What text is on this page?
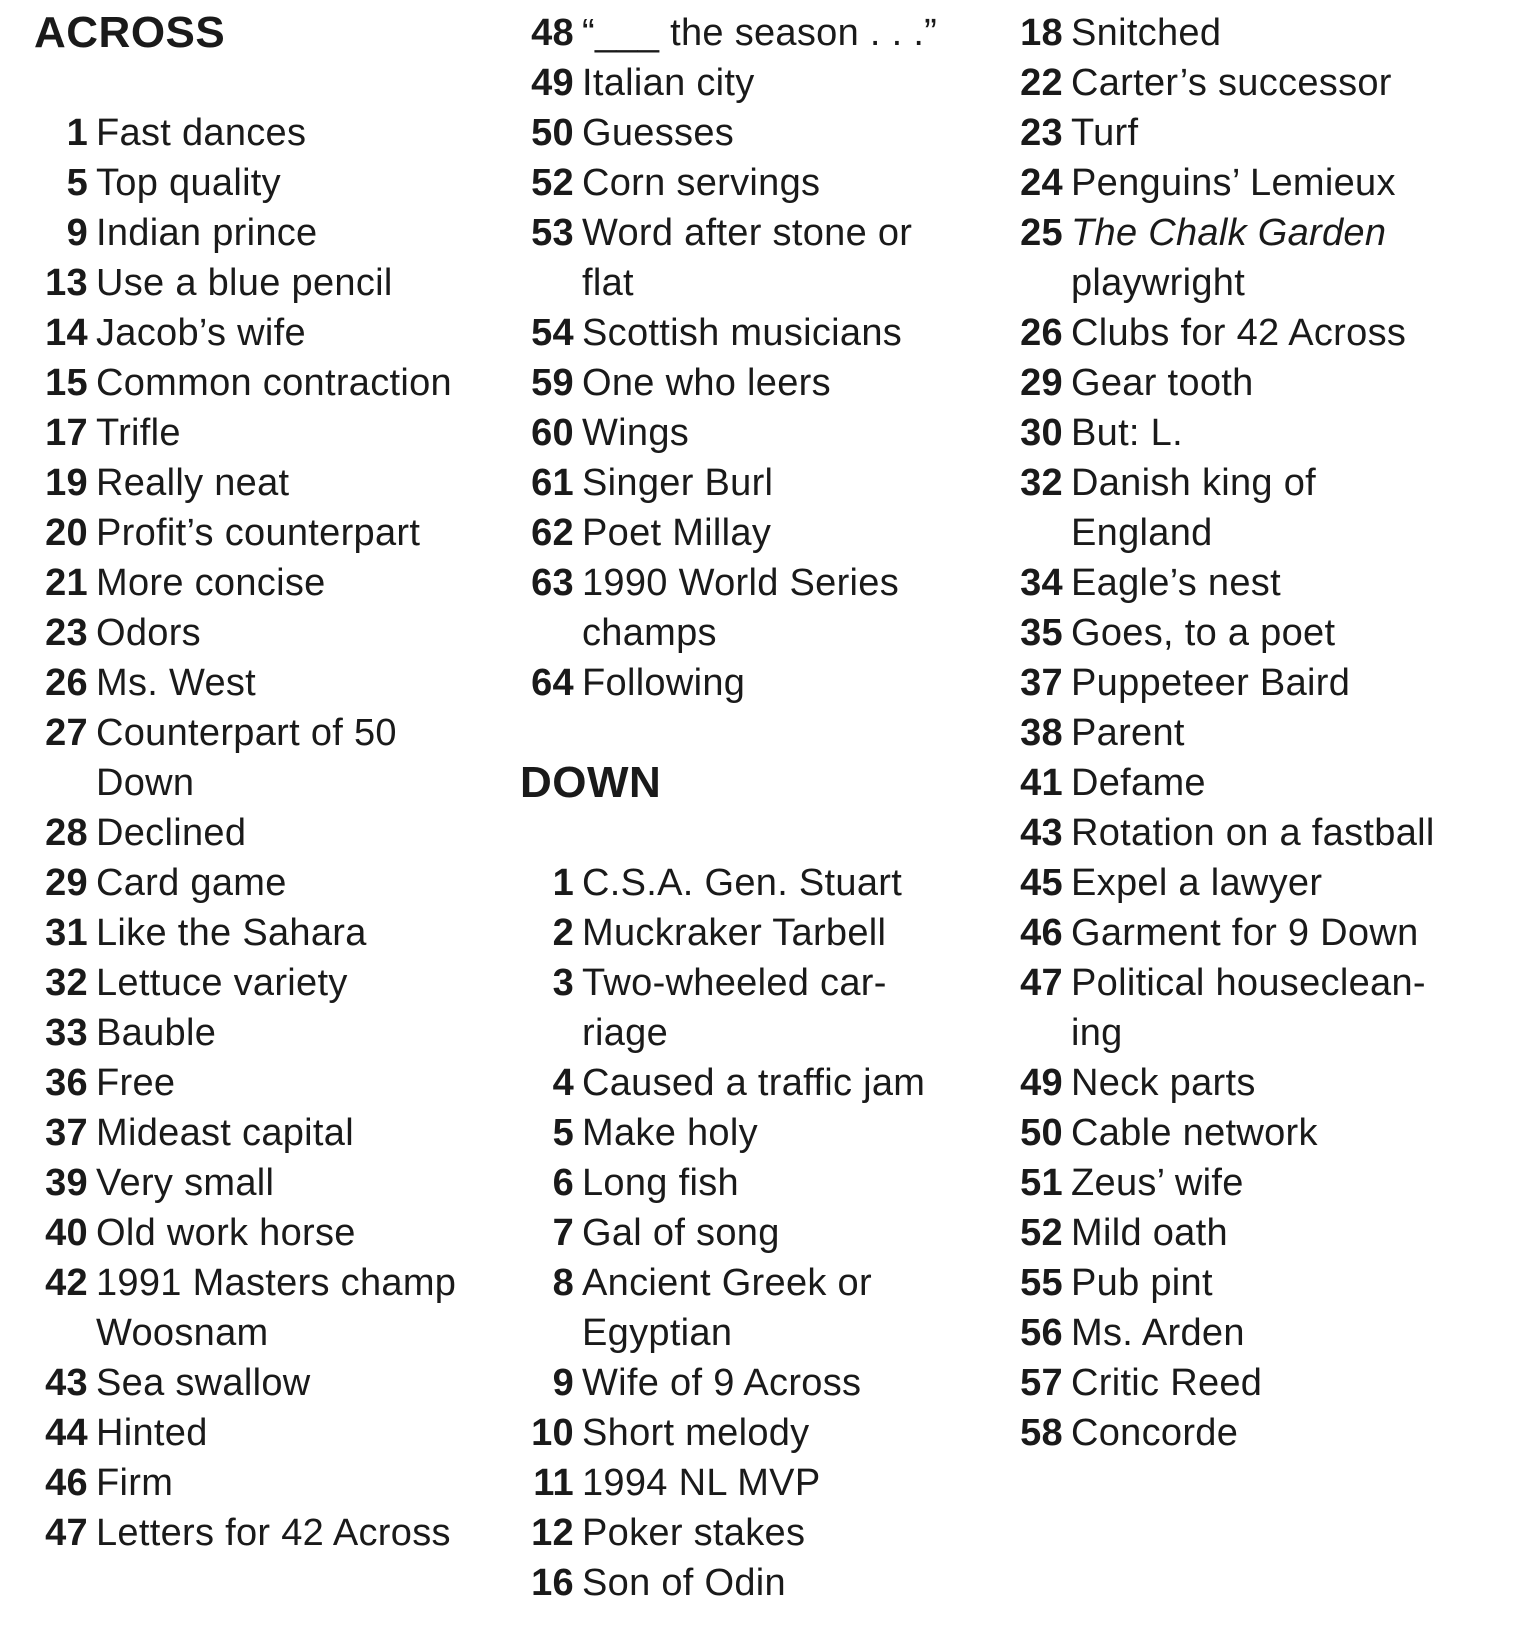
ACROSS
1 Fast dances
5 Top quality
9 Indian prince
13 Use a blue pencil
14 Jacob’s wife
15 Common contraction
17 Trifle
19 Really neat
20 Profit’s counterpart
21 More concise
23 Odors
26 Ms. West
27 Counterpart of 50
Down
28 Declined
29 Card game
31 Like the Sahara
32 Lettuce variety
33 Bauble
36 Free
37 Mideast capital
39 Very small
40 Old work horse
42 1991 Masters champ
Woosnam
43 Sea swallow
44 Hinted
46 Firm
47 Letters for 42 Across
48 “___ the season . . .”
49 Italian city
50 Guesses
52 Corn servings
53 Word after stone or
flat
54 Scottish musicians
59 One who leers
60 Wings
61 Singer Burl
62 Poet Millay
63 1990 World Series
champs
64 Following
DOWN
1 C.S.A. Gen. Stuart
2 Muckraker Tarbell
3 Two-wheeled car-
riage
4 Caused a traffic jam
5 Make holy
6 Long fish
7 Gal of song
8 Ancient Greek or
Egyptian
9 Wife of 9 Across
10 Short melody
11 1994 NL MVP
12 Poker stakes
16 Son of Odin
18 Snitched
22 Carter’s successor
23 Turf
24 Penguins’ Lemieux
25 The Chalk Garden
playwright
26 Clubs for 42 Across
29 Gear tooth
30 But: L.
32 Danish king of
England
34 Eagle’s nest
35 Goes, to a poet
37 Puppeteer Baird
38 Parent
41 Defame
43 Rotation on a fastball
45 Expel a lawyer
46 Garment for 9 Down
47 Political houseclean-
ing
49 Neck parts
50 Cable network
51 Zeus’ wife
52 Mild oath
55 Pub pint
56 Ms. Arden
57 Critic Reed
58 Concorde
